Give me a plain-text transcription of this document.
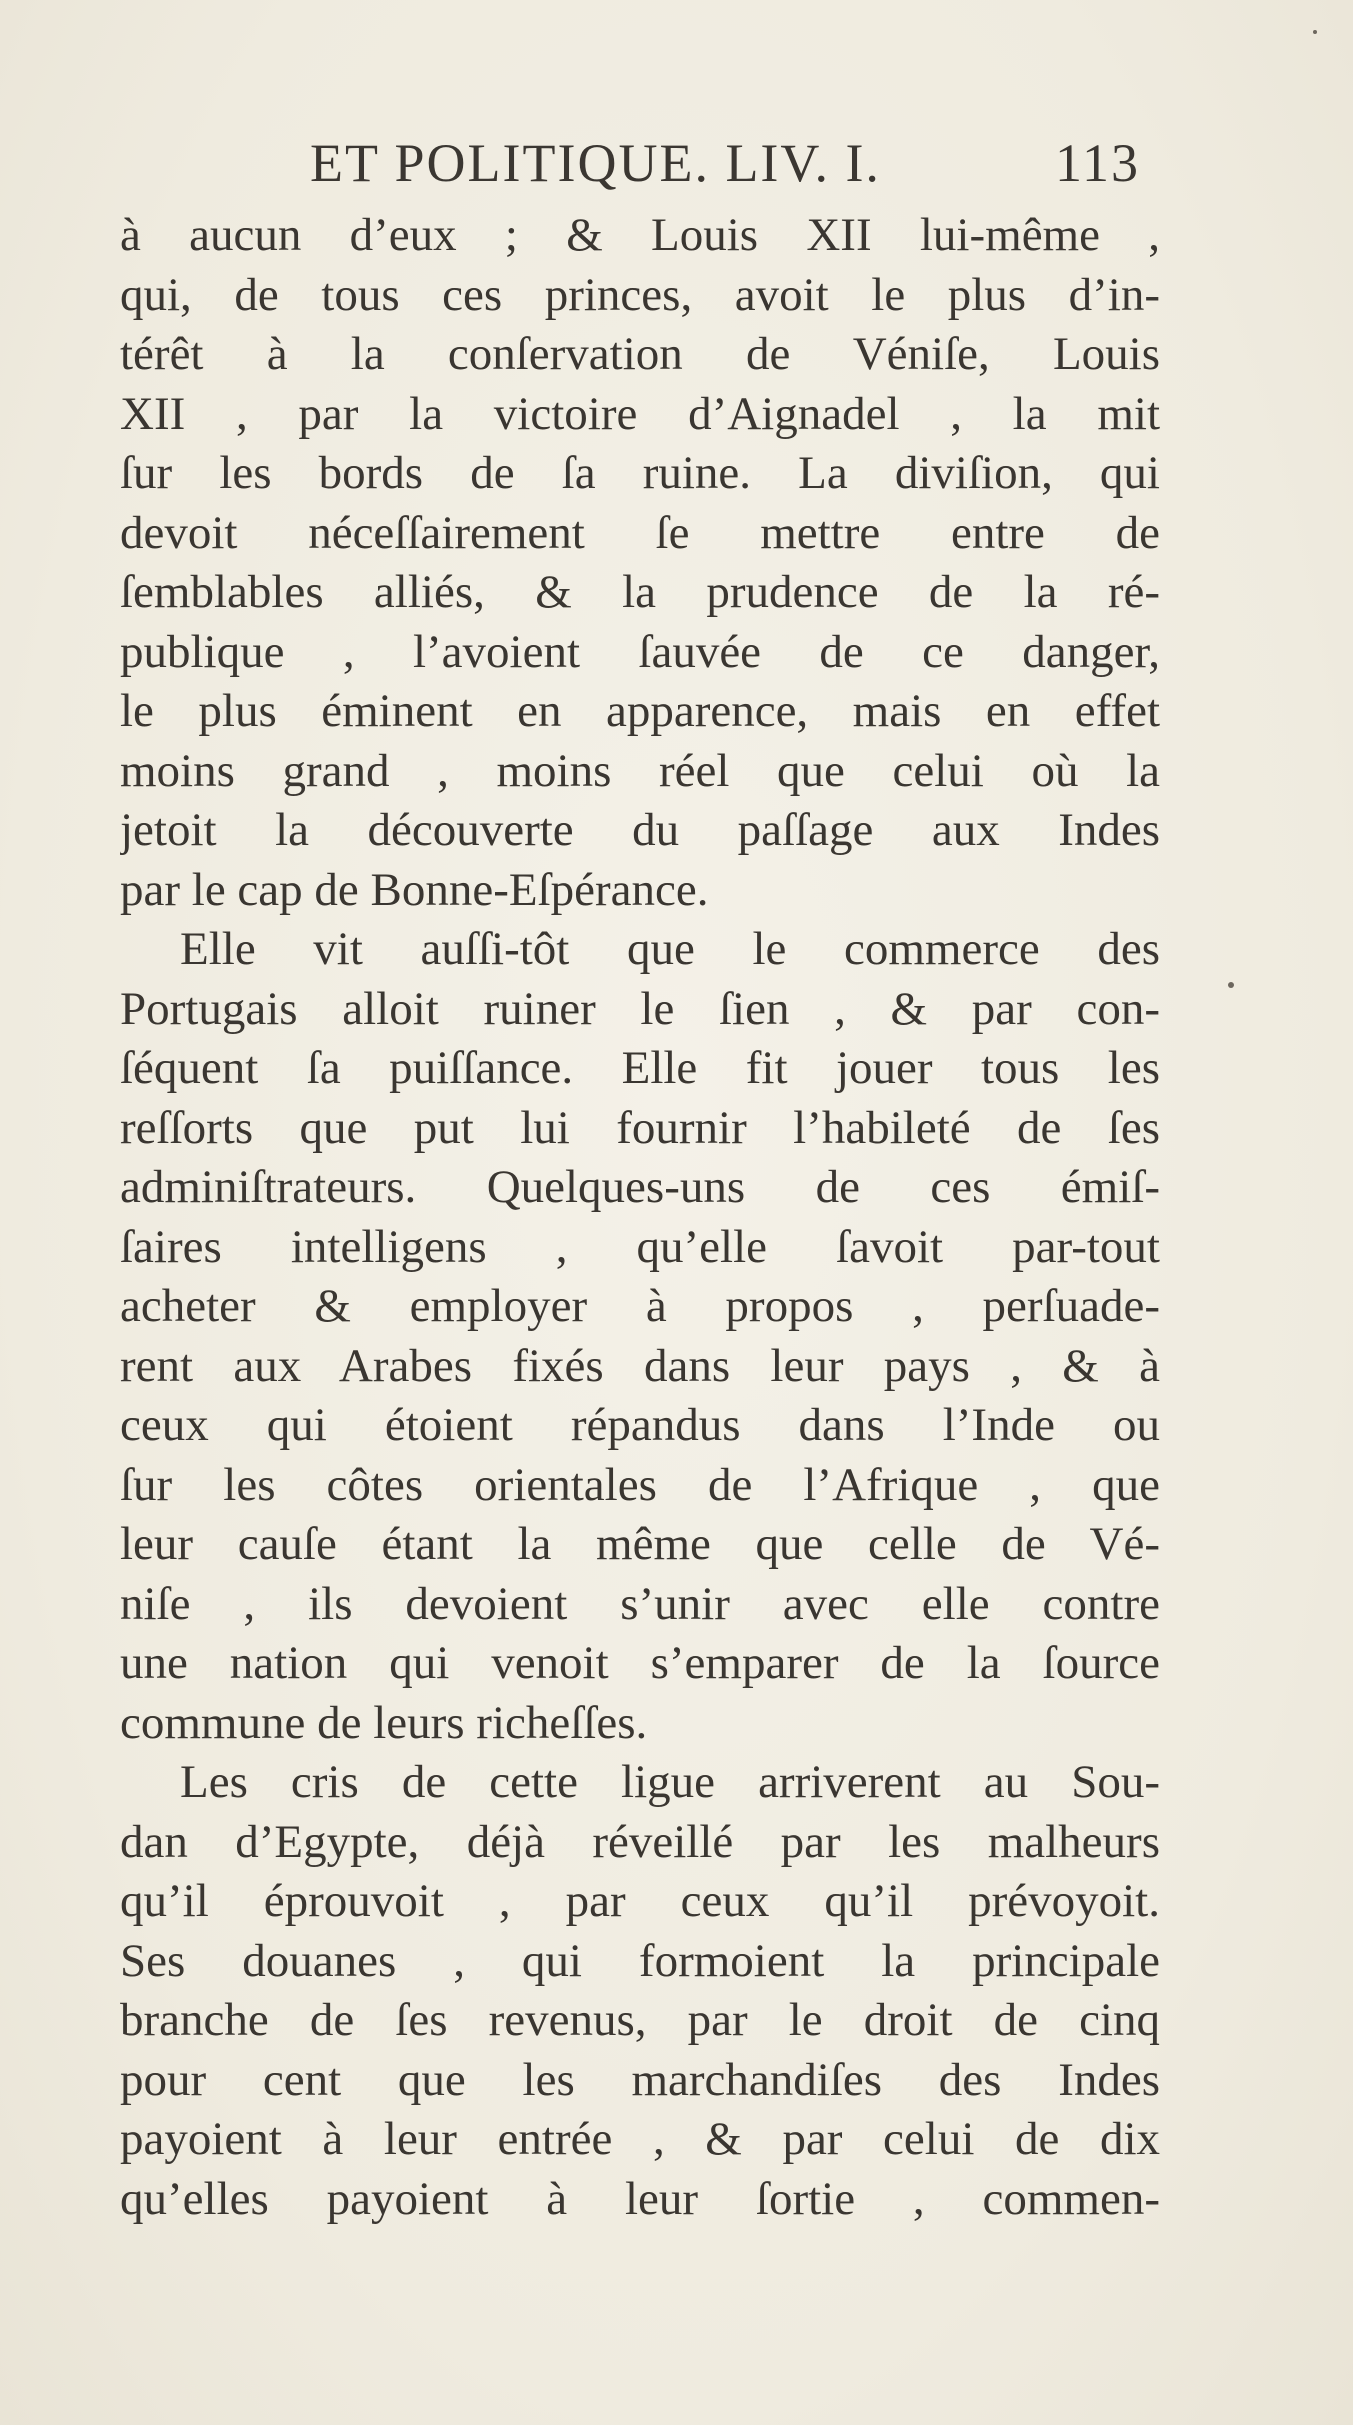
ET POLITIQUE. LIV. I.	113
à aucun d’eux ; & Louis XII lui-même ,
qui, de tous ces princes, avoit le plus d’in-
térêt à la conſervation de Véniſe, Louis
XII , par la victoire d’Aignadel , la mit
ſur les bords de ſa ruine. La diviſion, qui
devoit néceſſairement ſe mettre entre de
ſemblables alliés, & la prudence de la ré-
publique , l’avoient ſauvée de ce danger,
le plus éminent en apparence, mais en effet
moins grand , moins réel que celui où la
jetoit la découverte du paſſage aux Indes
par le cap de Bonne-Eſpérance.
Elle vit auſſi-tôt que le commerce des
Portugais alloit ruiner le ſien , & par con-
ſéquent ſa puiſſance. Elle fit jouer tous les
reſſorts que put lui fournir l’habileté de ſes
adminiſtrateurs. Quelques-uns de ces émiſ-
ſaires intelligens , qu’elle ſavoit par-tout
acheter & employer à propos , perſuade-
rent aux Arabes fixés dans leur pays , & à
ceux qui étoient répandus dans l’Inde ou
ſur les côtes orientales de l’Afrique , que
leur cauſe étant la même que celle de Vé-
niſe , ils devoient s’unir avec elle contre
une nation qui venoit s’emparer de la ſource
commune de leurs richeſſes.
Les cris de cette ligue arriverent au Sou-
dan d’Egypte, déjà réveillé par les malheurs
qu’il éprouvoit , par ceux qu’il prévoyoit.
Ses douanes , qui formoient la principale
branche de ſes revenus, par le droit de cinq
pour cent que les marchandiſes des Indes
payoient à leur entrée , & par celui de dix
qu’elles payoient à leur ſortie , commen-
